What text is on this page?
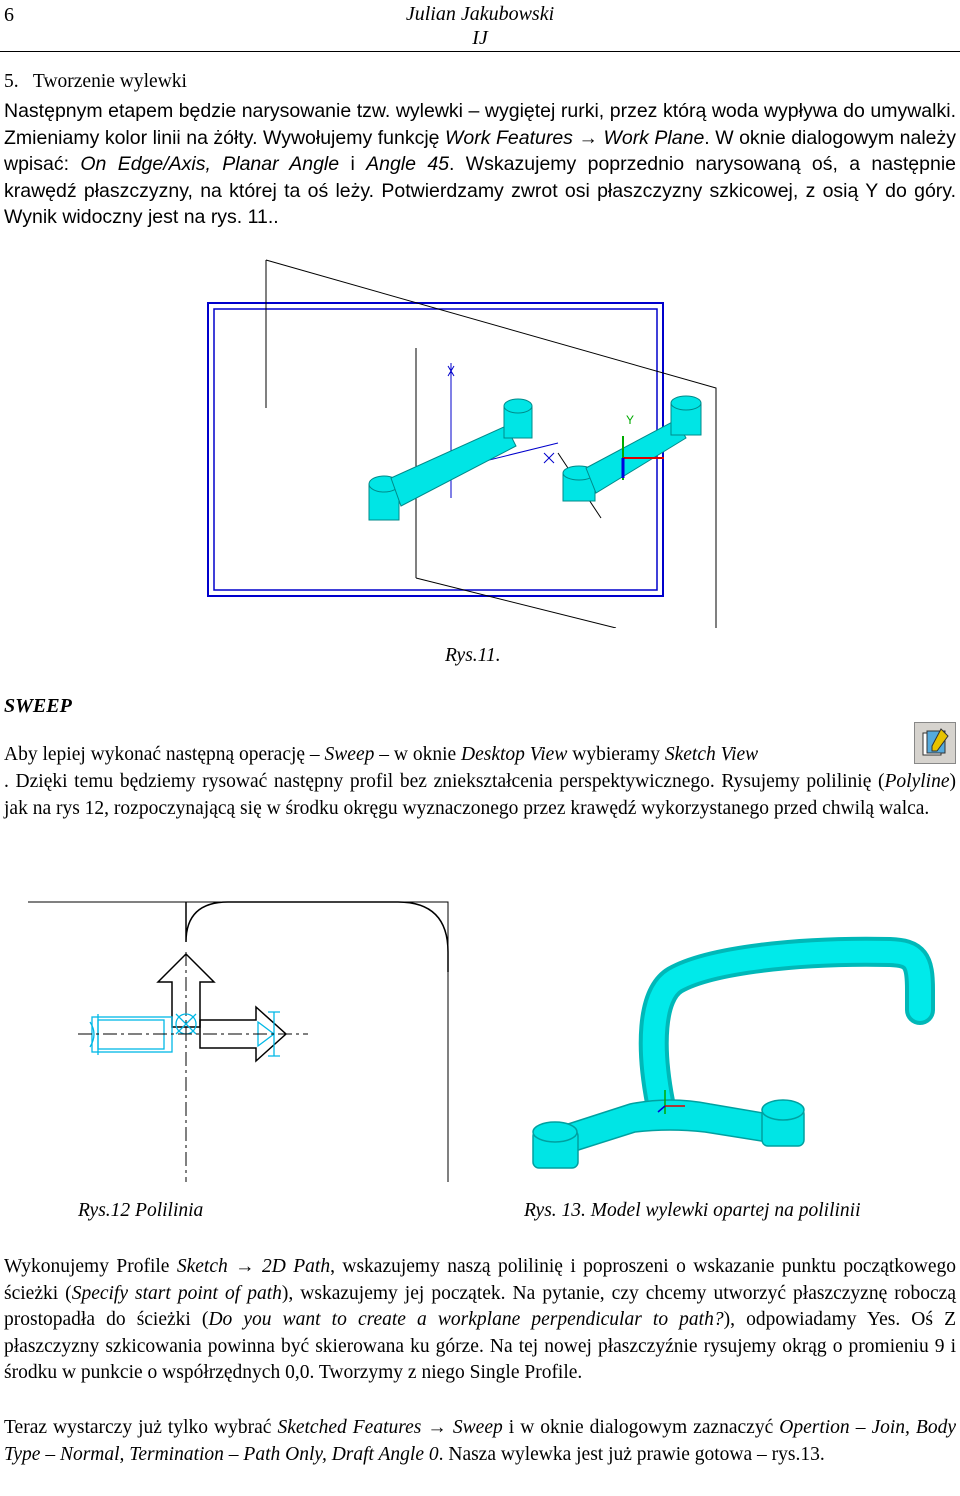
6	Julian Jakubowski
IJ
5. Tworzenie wylewki
Następnym etapem będzie narysowanie tzw. wylewki – wygiętej rurki, przez którą woda wypływa do umywalki. Zmieniamy kolor linii na żółty. Wywołujemy funkcję Work Features → Work Plane. W oknie dialogowym należy wpisać: On Edge/Axis, Planar Angle i Angle 45. Wskazujemy poprzednio narysowaną oś, a następnie krawędź płaszczyzny, na której ta oś leży. Potwierdzamy zwrot osi płaszczyzny szkicowej, z osią Y do góry. Wynik widoczny jest na rys. 11..
Y
Rys.11.
SWEEP
Aby lepiej wykonać następną operację – Sweep – w oknie Desktop View wybieramy Sketch View
. Dzięki temu będziemy rysować następny profil bez zniekształcenia perspektywicznego. Rysujemy polilinię (Polyline) jak na rys 12, rozpoczynającą się w środku okręgu wyznaczonego przez krawędź wykorzystanego przed chwilą walca.
Rys.12 Polilinia	Rys. 13. Model wylewki opartej na polilinii
Wykonujemy Profile Sketch → 2D Path, wskazujemy naszą polilinię i poproszeni o wskazanie punktu początkowego ścieżki (Specify start point of path), wskazujemy jej początek. Na pytanie, czy chcemy utworzyć płaszczyznę roboczą prostopadła do ścieżki (Do you want to create a workplane perpendicular to path?), odpowiadamy Yes. Oś Z płaszczyzny szkicowania powinna być skierowana ku górze. Na tej nowej płaszczyźnie rysujemy okrąg o promieniu 9 i środku w punkcie o współrzędnych 0,0. Tworzymy z niego Single Profile.
Teraz wystarczy już tylko wybrać Sketched Features → Sweep i w oknie dialogowym zaznaczyć Opertion – Join, Body Type – Normal, Termination – Path Only, Draft Angle 0. Nasza wylewka jest już prawie gotowa – rys.13.
